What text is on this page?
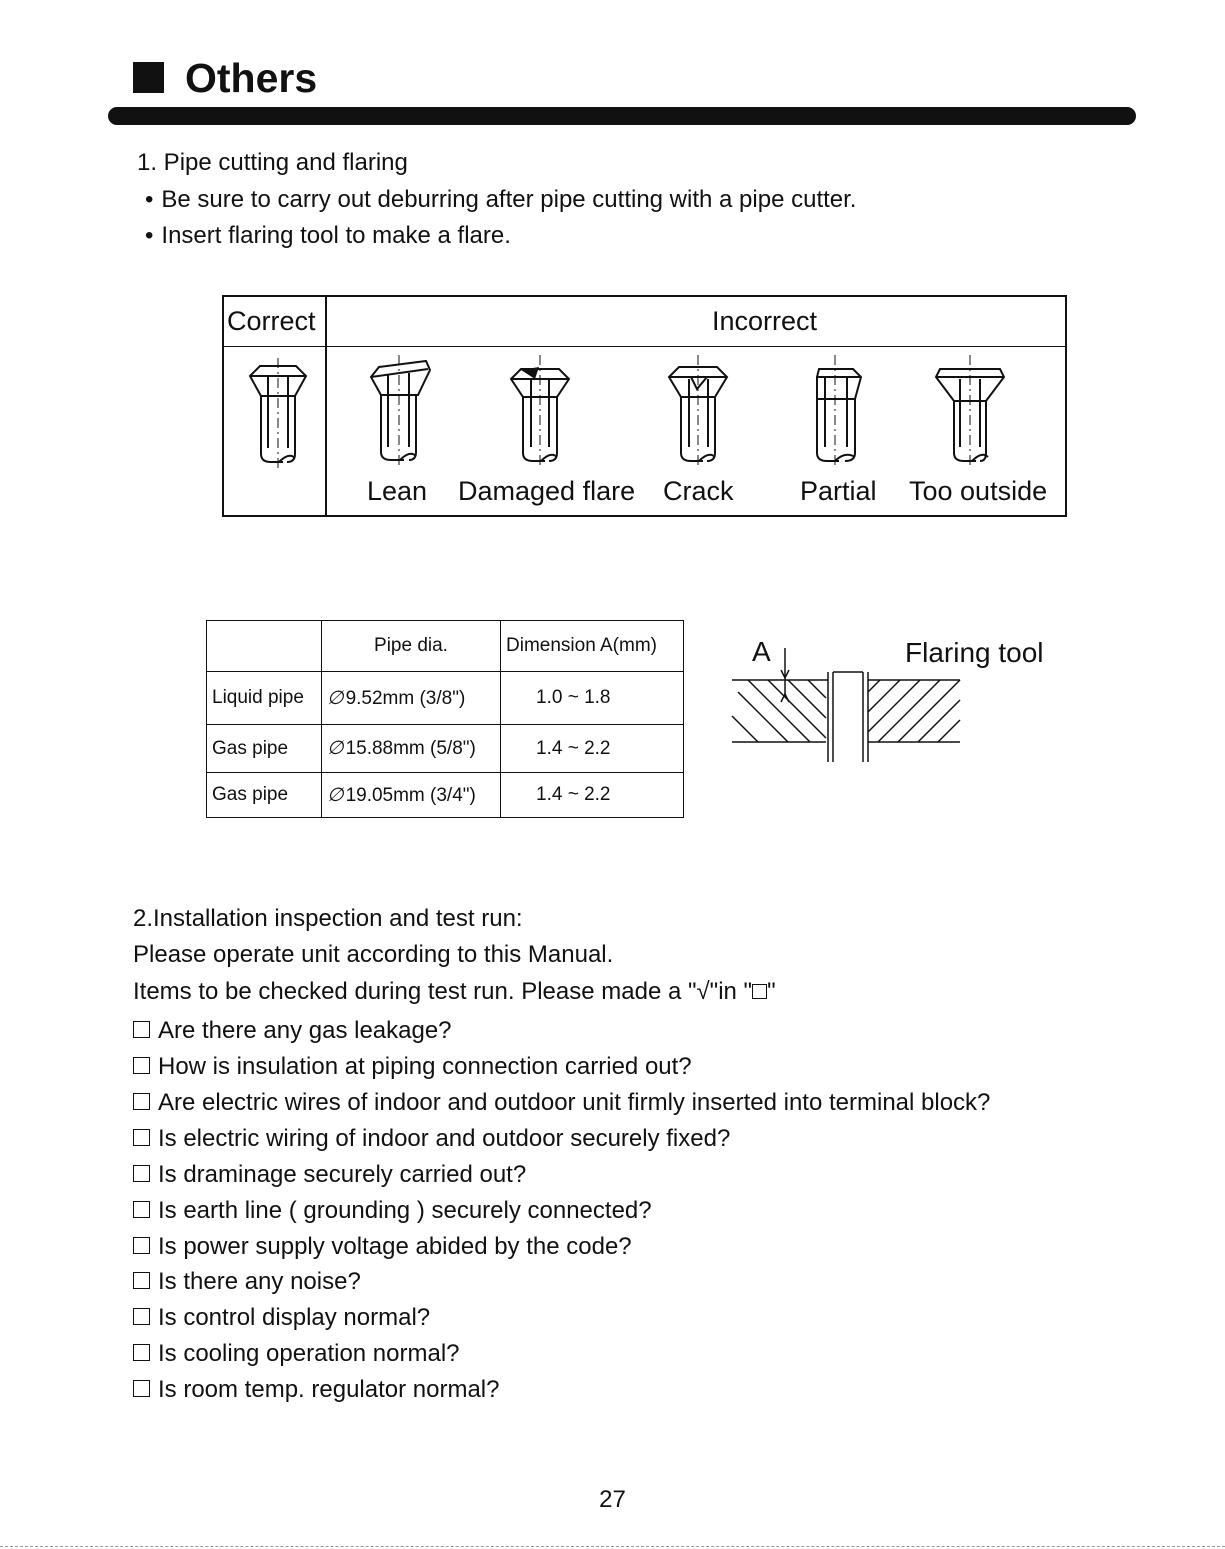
Others
1. Pipe cutting and flaring
• Be sure to carry out deburring after pipe cutting with a pipe cutter.
• Insert flaring tool to make a flare.
Correct	Incorrect
Lean Damaged flare Crack Partial Too outside
	Pipe dia.	Dimension A(mm)
Liquid pipe	∅ 9.52mm (3/8")	1.0 ~ 1.8
Gas pipe	∅ 15.88mm (5/8")	1.4 ~ 2.2
Gas pipe	∅ 19.05mm (3/4")	1.4 ~ 2.2
A	Flaring tool
2.Installation inspection and test run:
Please operate unit according to this Manual.
Items to be checked during test run. Please made a "√"in " "
Are there any gas leakage?
How is insulation at piping connection carried out?
Are electric wires of indoor and outdoor unit firmly inserted into terminal block?
Is electric wiring of indoor and outdoor securely fixed?
Is draminage securely carried out?
Is earth line ( grounding ) securely connected?
Is power supply voltage abided by the code?
Is there any noise?
Is control display normal?
Is cooling operation normal?
Is room temp. regulator normal?
27
